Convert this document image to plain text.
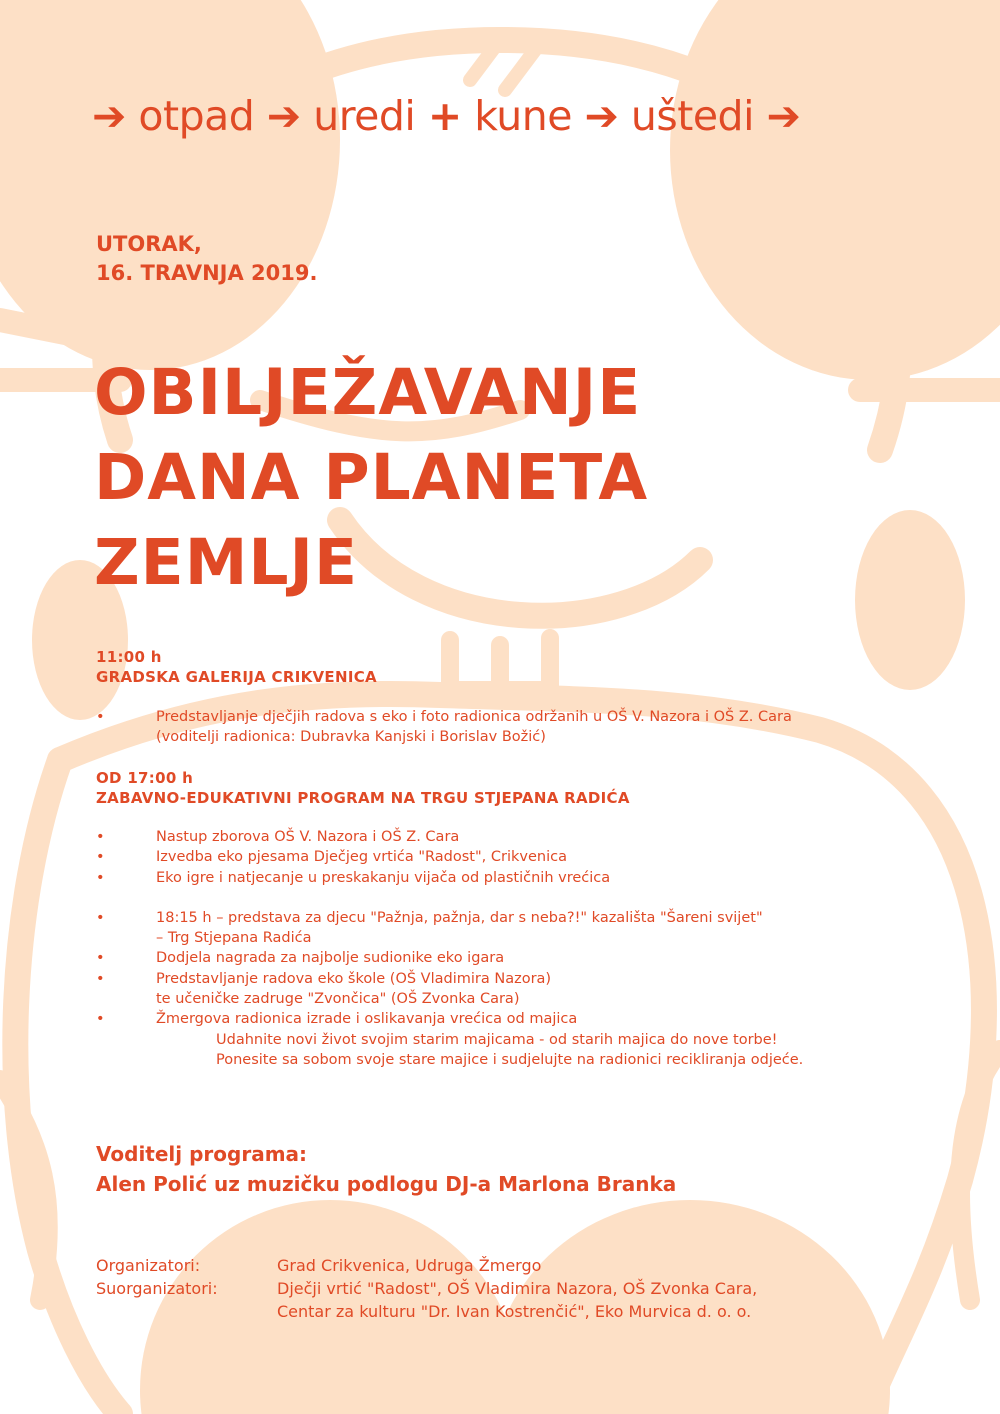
➔ otpad ➔ uredi + kune ➔ uštedi ➔
UTORAK,
16. TRAVNJA 2019.
OBILJEŽAVANJE
DANA PLANETA
ZEMLJE
11:00 h
GRADSKA GALERIJA CRIKVENICA
•	Predstavljanje dječjih radova s eko i foto radionica održanih u OŠ V. Nazora i OŠ Z. Cara
(voditelji radionica: Dubravka Kanjski i Borislav Božić)
OD 17:00 h
ZABAVNO-EDUKATIVNI PROGRAM NA TRGU STJEPANA RADIĆA
•	Nastup zborova OŠ V. Nazora i OŠ Z. Cara
•	Izvedba eko pjesama Dječjeg vrtića "Radost", Crikvenica
•	Eko igre i natjecanje u preskakanju vijača od plastičnih vrećica
•	18:15 h – predstava za djecu "Pažnja, pažnja, dar s neba?!" kazališta "Šareni svijet"
– Trg Stjepana Radića
•	Dodjela nagrada za najbolje sudionike eko igara
•	Predstavljanje radova eko škole (OŠ Vladimira Nazora)
te učeničke zadruge "Zvončica" (OŠ Zvonka Cara)
•	Žmergova radionica izrade i oslikavanja vrećica od majica
Udahnite novi život svojim starim majicama - od starih majica do nove torbe!
Ponesite sa sobom svoje stare majice i sudjelujte na radionici recikliranja odjeće.
Voditelj programa:
Alen Polić uz muzičku podlogu DJ-a Marlona Branka
Organizatori:	Grad Crikvenica, Udruga Žmergo
Suorganizatori:	Dječji vrtić "Radost", OŠ Vladimira Nazora, OŠ Zvonka Cara,
Centar za kulturu "Dr. Ivan Kostrenčić", Eko Murvica d. o. o.
